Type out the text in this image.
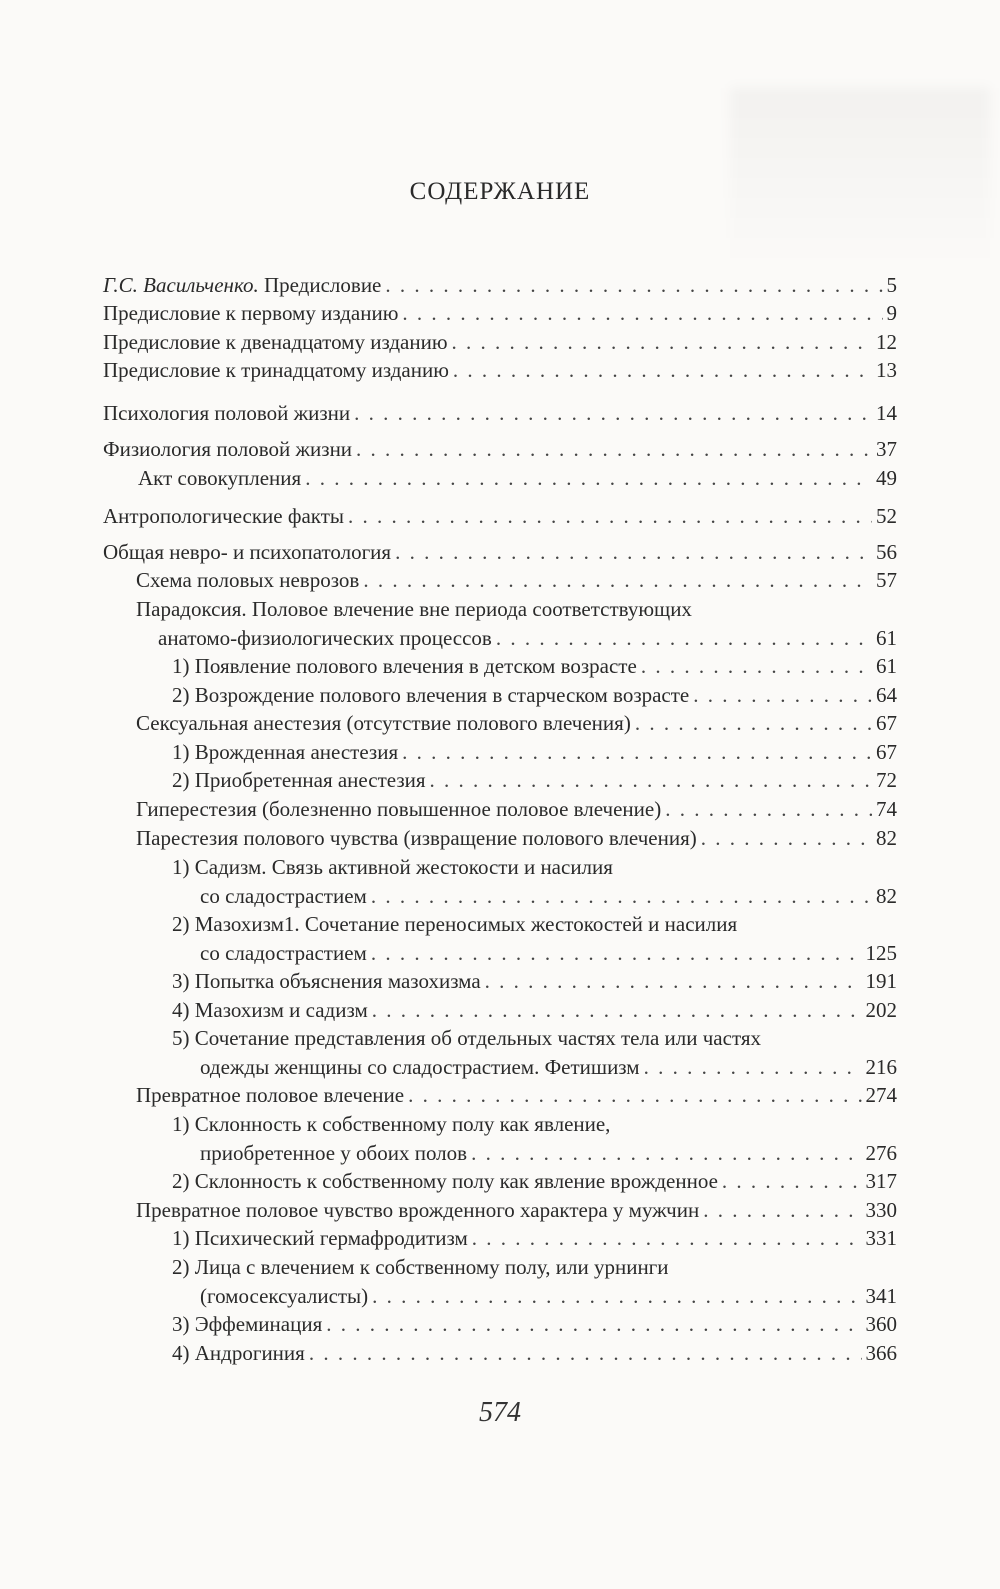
СОДЕРЖАНИЕ
Г.С. Васильченко. Предисловие . . .	5
Предисловие к первому изданию . . .	9
Предисловие к двенадцатому изданию . . .	12
Предисловие к тринадцатому изданию . . .	13
Психология половой жизни . . .	14
Физиология половой жизни . . .	37
Акт совокупления . . .	49
Антропологические факты . . .	52
Общая невро- и психопатология . . .	56
Схема половых неврозов . . .	57
Парадоксия. Половое влечение вне периода соответствующих
анатомо-физиологических процессов . . .	61
1) Появление полового влечения в детском возрасте . . .	61
2) Возрождение полового влечения в старческом возрасте . . .	64
Сексуальная анестезия (отсутствие полового влечения) . . .	67
1) Врожденная анестезия . . .	67
2) Приобретенная анестезия . . .	72
Гиперестезия (болезненно повышенное половое влечение) . . .	74
Парестезия полового чувства (извращение полового влечения) . . .	82
1) Садизм. Связь активной жестокости и насилия
со сладострастием . . .	82
2) Мазохизм1. Сочетание переносимых жестокостей и насилия
со сладострастием . . .	125
3) Попытка объяснения мазохизма . . .	191
4) Мазохизм и садизм . . .	202
5) Сочетание представления об отдельных частях тела или частях
одежды женщины со сладострастием. Фетишизм . . .	216
Превратное половое влечение . . .	274
1) Склонность к собственному полу как явление,
приобретенное у обоих полов . . .	276
2) Склонность к собственному полу как явление врожденное . . .	317
Превратное половое чувство врожденного характера у мужчин . . .	330
1) Психический гермафродитизм . . .	331
2) Лица с влечением к собственному полу, или урнинги
(гомосексуалисты) . . .	341
3) Эффеминация . . .	360
4) Андрогиния . . .	366
574
